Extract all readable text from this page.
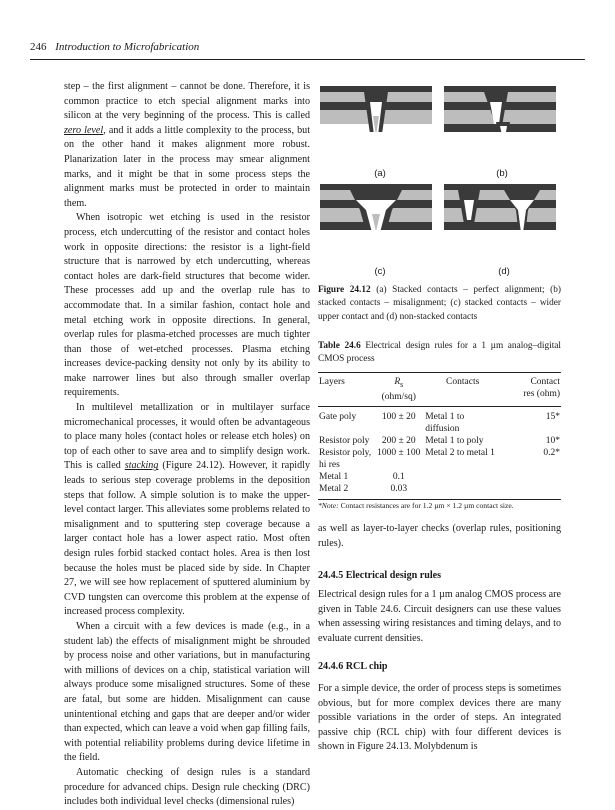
246 Introduction to Microfabrication

step – the first alignment – cannot be done. Therefore, it is common practice to etch special alignment marks into silicon at the very beginning of the process. This is called zero level, and it adds a little complexity to the process, but on the other hand it makes alignment more robust. Planarization later in the process may smear alignment marks, and it might be that in some process steps the alignment marks must be protected in order to maintain them.

When isotropic wet etching is used in the resistor process, etch undercutting of the resistor and contact holes work in opposite directions: the resistor is a light-field structure that is narrowed by etch undercutting, whereas contact holes are dark-field structures that become wider. These processes add up and the overlap rule has to accommodate that. In a similar fashion, contact hole and metal etching work in opposite directions. In general, overlap rules for plasma-etched processes are much tighter than those of wet-etched processes. Plasma etching increases device-packing density not only by its ability to make narrower lines but also through smaller overlap requirements.

In multilevel metallization or in multilayer surface micromechanical processes, it would often be advantageous to place many holes (contact holes or release etch holes) on top of each other to save area and to simplify design work. This is called stacking (Figure 24.12). However, it rapidly leads to serious step coverage problems in the deposition steps that follow. A simple solution is to make the upper-level contact larger. This alleviates some problems related to misalignment and to sputtering step coverage because a larger contact hole has a lower aspect ratio. Most often design rules forbid stacked contact holes. Area is then lost because the holes must be placed side by side. In Chapter 27, we will see how replacement of sputtered aluminium by CVD tungsten can overcome this problem at the expense of increased process complexity.

When a circuit with a few devices is made (e.g., in a student lab) the effects of misalignment might be shrouded by process noise and other variations, but in manufacturing with millions of devices on a chip, statistical variation will always produce some misaligned structures. Some of these are fatal, but some are hidden. Misalignment can cause unintentional etching and gaps that are deeper and/or wider than expected, which can leave a void when gap filling fails, with potential reliability problems during device lifetime in the field.

Automatic checking of design rules is a standard procedure for advanced chips. Design rule checking (DRC) includes both individual level checks (dimensional rules)

(a)	(b)
(c)	(d)
Figure 24.12 (a) Stacked contacts – perfect alignment; (b) stacked contacts – misalignment; (c) stacked contacts – wider upper contact and (d) non-stacked contacts
Table 24.6 Electrical design rules for a 1 µm analog–digital CMOS process
Layers	$R_s$
(ohm/sq)	Contacts	Contact
res (ohm)
Gate poly	100 ± 20	Metal 1 to diffusion	15*
Resistor poly	200 ± 20	Metal 1 to poly	10*
Resistor poly, hi res	1000 ± 100	Metal 2 to metal 1	0.2*
Metal 1	0.1		
Metal 2	0.03		
*Note: Contact resistances are for 1.2 µm × 1.2 µm contact size.

as well as layer-to-layer checks (overlap rules, positioning rules).

24.4.5 Electrical design rules

Electrical design rules for a 1 µm analog CMOS process are given in Table 24.6. Circuit designers can use these values when assessing wiring resistances and timing delays, and to evaluate current densities.

24.4.6 RCL chip

For a simple device, the order of process steps is sometimes obvious, but for more complex devices there are many possible variations in the order of steps. An integrated passive chip (RCL chip) with four different devices is shown in Figure 24.13. Molybdenum is
